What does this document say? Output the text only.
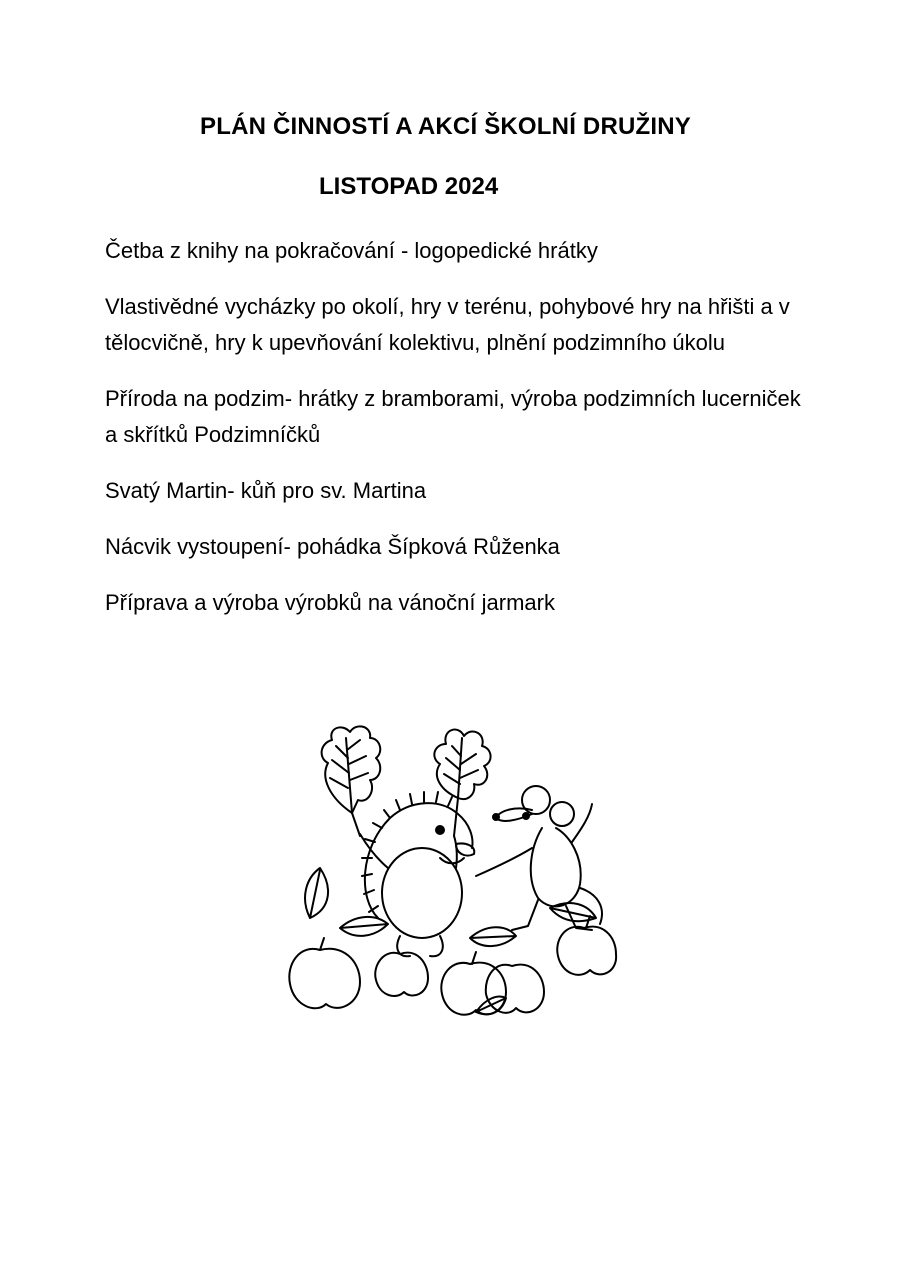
PLÁN ČINNOSTÍ A AKCÍ ŠKOLNÍ DRUŽINY
LISTOPAD 2024
Četba z knihy na pokračování - logopedické hrátky
Vlastivědné vycházky po okolí, hry v terénu, pohybové hry na hřišti a v tělocvičně, hry k upevňování kolektivu, plnění podzimního úkolu
Příroda na podzim- hrátky z bramborami, výroba podzimních lucerniček a skřítků Podzimníčků
Svatý Martin- kůň pro sv. Martina
Nácvik vystoupení- pohádka Šípková Růženka
Příprava a výroba výrobků na vánoční jarmark
